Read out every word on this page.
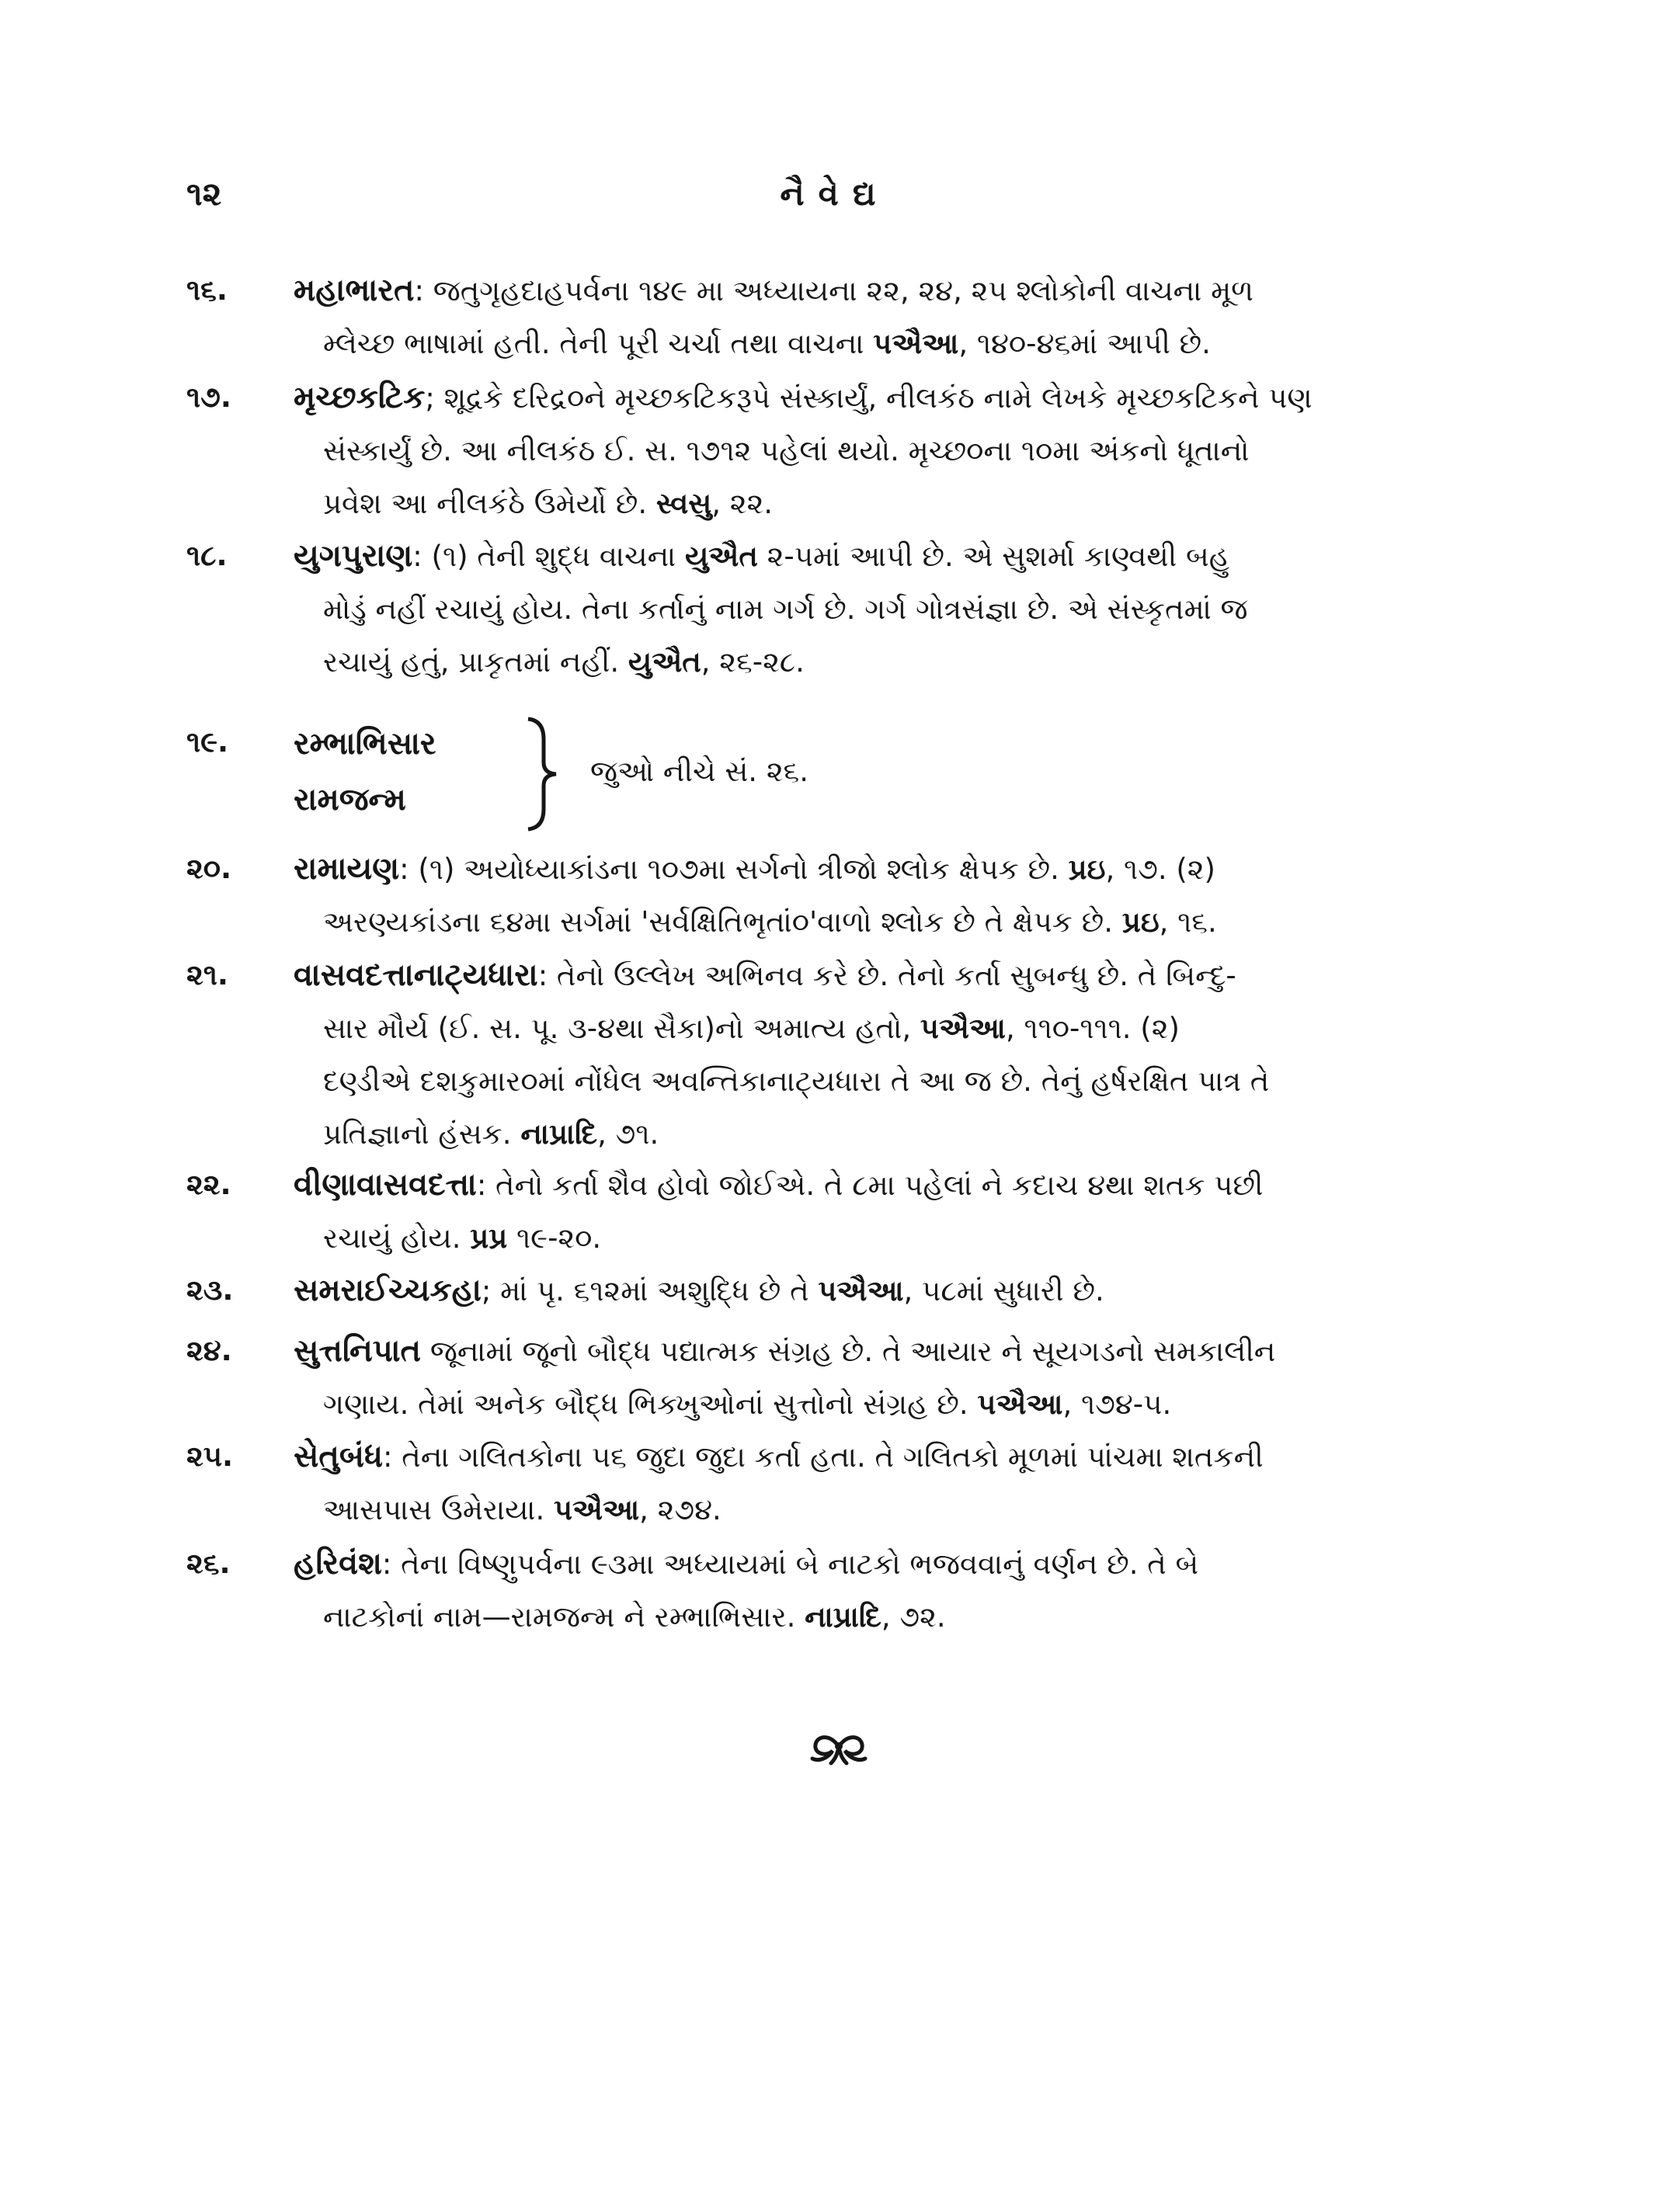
૧૨	નૈવેદ્ય
૧૬.	મહાભારત: જતુગૃહદાહપર્વના ૧૪૯ મા અધ્યાયના ૨૨, ૨૪, ૨૫ શ્લોકોની વાચના મૂળ

મ્લેચ્છ ભાષામાં હતી. તેની પૂરી ચર્ચા તથા વાચના પઐઆ, ૧૪૦-૪૬માં આપી છે.

૧૭.	મૃચ્છકટિક; શૂદ્રકે દરિદ્ર૦ને મૃચ્છકટિકરૂપે સંસ્કાર્યું, નીલકંઠ નામે લેખકે મૃચ્છકટિકને પણ

સંસ્કાર્યું છે. આ નીલકંઠ ઈ. સ. ૧૭૧૨ પહેલાં થયો. મૃચ્છ૦ના ૧૦મા અંકનો ધૂતાનો

પ્રવેશ આ નીલકંઠે ઉમેર્યો છે. સ્વસુ, ૨૨.

૧૮.	યુગપુરાણ: (૧) તેની શુદ્ધ વાચના યુઐત ૨-૫માં આપી છે. એ સુશર્મા કાણ્વથી બહુ

મોડું નહીં રચાયું હોય. તેના કર્તાનું નામ ગર્ગ છે. ગર્ગ ગોત્રસંજ્ઞા છે. એ સંસ્કૃતમાં જ

રચાયું હતું, પ્રાકૃતમાં નહીં. યુઐત, ૨૬-૨૮.

૧૯.	રમ્ભાભિસાર
રામજન્મ
જુઓ નીચે સં. ૨૬.
૨૦.	રામાયણ: (૧) અયોધ્યાકાંડના ૧૦૭મા સર્ગનો ત્રીજો શ્લોક ક્ષેપક છે. પ્રઇ, ૧૭. (૨)

અરણ્યકાંડના ૬૪મા સર્ગમાં 'સર્વક્ષિતિભૃતાં૦'વાળો શ્લોક છે તે ક્ષેપક છે. પ્રઇ, ૧૬.

૨૧.	વાસવદત્તાનાટ્યધારા: તેનો ઉલ્લેખ અભિનવ કરે છે. તેનો કર્તા સુબન્ધુ છે. તે બિન્દુ-

સાર મૌર્ય (ઈ. સ. પૂ. ૩-૪થા સૈકા)નો અમાત્ય હતો, પઐઆ, ૧૧૦-૧૧૧. (૨)

દણ્ડીએ દશકુમાર૦માં નોંધેલ અવન્તિકાનાટ્યધારા તે આ જ છે. તેનું હર્ષરક્ષિત પાત્ર તે

પ્રતિજ્ઞાનો હંસક. નાપ્રાદિ, ૭૧.

૨૨.	વીણાવાસવદત્તા: તેનો કર્તા શૈવ હોવો જોઈએ. તે ૮મા પહેલાં ને કદાચ ૪થા શતક પછી

રચાયું હોય. પ્રપ્ર ૧૯-૨૦.

૨૩.	સમરાઈચ્ચકહા; માં પૃ. ૬૧૨માં અશુદ્ધિ છે તે પઐઆ, ૫૮માં સુધારી છે.

૨૪.	સુત્તનિપાત જૂનામાં જૂનો બૌદ્ધ પદ્યાત્મક સંગ્રહ છે. તે આયાર ને સૂયગડનો સમકાલીન

ગણાય. તેમાં અનેક બૌદ્ધ ભિક્ખુઓનાં સુત્તોનો સંગ્રહ છે. પઐઆ, ૧૭૪-૫.

૨૫.	સેતુબંધ: તેના ગલિતકોના ૫૬ જુદા જુદા કર્તા હતા. તે ગલિતકો મૂળમાં પાંચમા શતકની

આસપાસ ઉમેરાયા. પઐઆ, ૨૭૪.

૨૬.	હરિવંશ: તેના વિષ્ણુપર્વના ૯૩મા અધ્યાયમાં બે નાટકો ભજવવાનું વર્ણન છે. તે બે

નાટકોનાં નામ—રામજન્મ ને રમ્ભાભિસાર. નાપ્રાદિ, ૭૨.
